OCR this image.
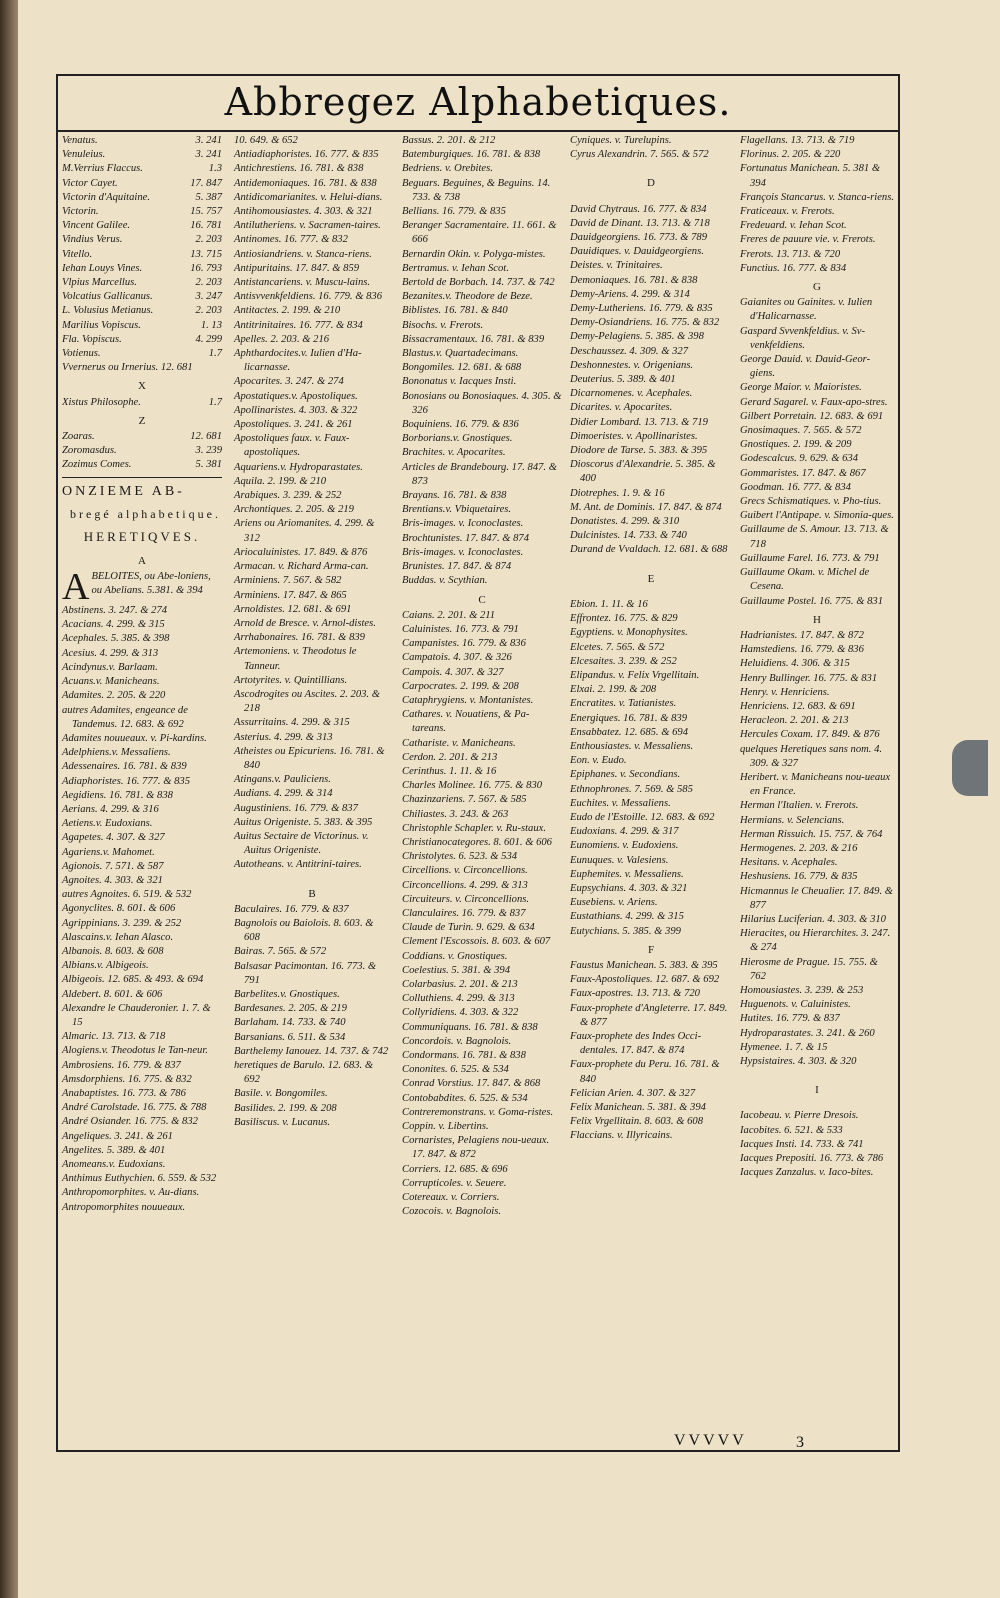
Abbregez Alphabetiques.
Venatus.	3. 241
Venuleius.	3. 241
M.Verrius Flaccus.	1.3
Victor Cayet.	17. 847
Victorin d'Aquitaine.	5. 387
Victorin.	15. 757
Vincent Galilee.	16. 781
Vindius Verus.	2. 203
Vitello.	13. 715
Iehan Louys Vines.	16. 793
Vlpius Marcellus.	2. 203
Volcatius Gallicanus.	3. 247
L. Volusius Metianus.	2. 203
Marilius Vopiscus.	1. 13
Fla. Vopiscus.	4. 299
Votienus.	1.7
Vvernerus ou Irnerius. 12. 681
X
Xistus Philosophe.	1.7
Z
Zoaras.	12. 681
Zoromasdus.	3. 239
Zozimus Comes.	5. 381
ONZIEME AB-
bregé alphabetique.
HERETIQVES.
A
ABELOITES, ou Abe-loniens, ou Abelians. 5.381. & 394
Abstinens. 3. 247. & 274
Acacians. 4. 299. & 315
Acephales. 5. 385. & 398
Acesius. 4. 299. & 313
Acindynus.v. Barlaam.
Acuans.v. Manicheans.
Adamites. 2. 205. & 220
autres Adamites, engeance de Tandemus. 12. 683. & 692
Adamites nouueaux. v. Pi-kardins.
Adelphiens.v. Messaliens.
Adessenaires. 16. 781. & 839
Adiaphoristes. 16. 777. & 835
Aegidiens. 16. 781. & 838
Aerians. 4. 299. & 316
Aetiens.v. Eudoxians.
Agapetes. 4. 307. & 327
Agariens.v. Mahomet.
Agionois. 7. 571. & 587
Agnoites. 4. 303. & 321
autres Agnoites. 6. 519. & 532
Agonyclites. 8. 601. & 606
Agrippinians. 3. 239. & 252
Alascains.v. Iehan Alasco.
Albanois. 8. 603. & 608
Albians.v. Albigeois.
Albigeois. 12. 685. & 493. & 694
Aldebert. 8. 601. & 606
Alexandre le Chauderonier. 1. 7. & 15
Almaric. 13. 713. & 718
Alogiens.v. Theodotus le Tan-neur.
Ambrosiens. 16. 779. & 837
Amsdorphiens. 16. 775. & 832
Anabaptistes. 16. 773. & 786
André Carolstade. 16. 775. & 788
André Osiander. 16. 775. & 832
Angeliques. 3. 241. & 261
Angelites. 5. 389. & 401
Anomeans.v. Eudoxians.
Anthimus Euthychien. 6. 559. & 532
Anthropomorphites. v. Au-dians.
Antropomorphites nouueaux.
10. 649. & 652
Antiadiaphoristes. 16. 777. & 835
Antichrestiens. 16. 781. & 838
Antidemoniaques. 16. 781. & 838
Antidicomarianites. v. Helui-dians.
Antihomousiastes. 4. 303. & 321
Antilutheriens. v. Sacramen-taires.
Antinomes. 16. 777. & 832
Antiosiandriens. v. Stanca-riens.
Antipuritains. 17. 847. & 859
Antistancariens. v. Muscu-lains.
Antisvvenkfeldiens. 16. 779. & 836
Antitactes. 2. 199. & 210
Antitrinitaires. 16. 777. & 834
Apelles. 2. 203. & 216
Aphthardocites.v. Iulien d'Ha-licarnasse.
Apocarites. 3. 247. & 274
Apostatiques.v. Apostoliques.
Apollinaristes. 4. 303. & 322
Apostoliques. 3. 241. & 261
Apostoliques faux. v. Faux-apostoliques.
Aquariens.v. Hydroparastates.
Aquila. 2. 199. & 210
Arabiques. 3. 239. & 252
Archontiques. 2. 205. & 219
Ariens ou Ariomanites. 4. 299. & 312
Ariocaluinistes. 17. 849. & 876
Armacan. v. Richard Arma-can.
Arminiens. 7. 567. & 582
Arminiens. 17. 847. & 865
Arnoldistes. 12. 681. & 691
Arnold de Bresce. v. Arnol-distes.
Arrhabonaires. 16. 781. & 839
Artemoniens. v. Theodotus le Tanneur.
Artotyrites. v. Quintillians.
Ascodrogites ou Ascites. 2. 203. & 218
Assurritains. 4. 299. & 315
Asterius. 4. 299. & 313
Atheistes ou Epicuriens. 16. 781. & 840
Atingans.v. Pauliciens.
Audians. 4. 299. & 314
Augustiniens. 16. 779. & 837
Auitus Origeniste. 5. 383. & 395
Auitus Sectaire de Victorinus. v. Auitus Origeniste.
Autotheans. v. Antitrini-taires.
B
Baculaires. 16. 779. & 837
Bagnolois ou Baiolois. 8. 603. & 608
Bairas. 7. 565. & 572
Balsasar Pacimontan. 16. 773. & 791
Barbelites.v. Gnostiques.
Bardesanes. 2. 205. & 219
Barlaham. 14. 733. & 740
Barsanians. 6. 511. & 534
Barthelemy Ianouez. 14. 737. & 742
heretiques de Barulo. 12. 683. & 692
Basile. v. Bongomiles.
Basilides. 2. 199. & 208
Basiliscus. v. Lucanus.
Bassus. 2. 201. & 212
Batemburgiques. 16. 781. & 838
Bedriens. v. Orebites.
Beguars. Beguines, & Beguins. 14. 733. & 738
Bellians. 16. 779. & 835
Beranger Sacramentaire. 11. 661. & 666
Bernardin Okin. v. Polyga-mistes.
Bertramus. v. Iehan Scot.
Bertold de Borbach. 14. 737. & 742
Bezanites.v. Theodore de Beze.
Biblistes. 16. 781. & 840
Bisochs. v. Frerots.
Bissacramentaux. 16. 781. & 839
Blastus.v. Quartadecimans.
Bongomiles. 12. 681. & 688
Bononatus v. Iacques Insti.
Bonosians ou Bonosiaques. 4. 305. & 326
Boquiniens. 16. 779. & 836
Borborians.v. Gnostiques.
Brachites. v. Apocarites.
Articles de Brandebourg. 17. 847. & 873
Brayans. 16. 781. & 838
Brentians.v. Vbiquetaires.
Bris-images. v. Iconoclastes.
Brochtunistes. 17. 847. & 874
Bris-images. v. Iconoclastes.
Brunistes. 17. 847. & 874
Buddas. v. Scythian.
C
Caians. 2. 201. & 211
Caluinistes. 16. 773. & 791
Campanistes. 16. 779. & 836
Campatois. 4. 307. & 326
Campois. 4. 307. & 327
Carpocrates. 2. 199. & 208
Cataphrygiens. v. Montanistes.
Cathares. v. Nouatiens, & Pa-tareans.
Cathariste. v. Manicheans.
Cerdon. 2. 201. & 213
Cerinthus. 1. 11. & 16
Charles Molinee. 16. 775. & 830
Chazinzariens. 7. 567. & 585
Chiliastes. 3. 243. & 263
Christophle Schapler. v. Ru-staux.
Christianocategores. 8. 601. & 606
Christolytes. 6. 523. & 534
Circellions. v. Circoncellions.
Circoncellions. 4. 299. & 313
Circuiteurs. v. Circoncellions.
Clanculaires. 16. 779. & 837
Claude de Turin. 9. 629. & 634
Clement l'Escossois. 8. 603. & 607
Coddians. v. Gnostiques.
Coelestius. 5. 381. & 394
Colarbasius. 2. 201. & 213
Colluthiens. 4. 299. & 313
Collyridiens. 4. 303. & 322
Communiquans. 16. 781. & 838
Concordois. v. Bagnolois.
Condormans. 16. 781. & 838
Cononites. 6. 525. & 534
Conrad Vorstius. 17. 847. & 868
Contobabdites. 6. 525. & 534
Contreremonstrans. v. Goma-ristes.
Coppin. v. Libertins.
Cornaristes, Pelagiens nou-ueaux. 17. 847. & 872
Corriers. 12. 685. & 696
Corrupticoles. v. Seuere.
Cotereaux. v. Corriers.
Cozocois. v. Bagnolois.
Cyniques. v. Turelupins.
Cyrus Alexandrin. 7. 565. & 572
D
David Chytraus. 16. 777. & 834
David de Dinant. 13. 713. & 718
Dauidgeorgiens. 16. 773. & 789
Dauidiques. v. Dauidgeorgiens.
Deistes. v. Trinitaires.
Demoniaques. 16. 781. & 838
Demy-Ariens. 4. 299. & 314
Demy-Lutheriens. 16. 779. & 835
Demy-Osiandriens. 16. 775. & 832
Demy-Pelagiens. 5. 385. & 398
Deschaussez. 4. 309. & 327
Deshonnestes. v. Origenians.
Deuterius. 5. 389. & 401
Dicarnomenes. v. Acephales.
Dicarites. v. Apocarites.
Didier Lombard. 13. 713. & 719
Dimoeristes. v. Apollinaristes.
Diodore de Tarse. 5. 383. & 395
Dioscorus d'Alexandrie. 5. 385. & 400
Diotrephes. 1. 9. & 16
M. Ant. de Dominis. 17. 847. & 874
Donatistes. 4. 299. & 310
Dulcinistes. 14. 733. & 740
Durand de Vvaldach. 12. 681. & 688
E
Ebion. 1. 11. & 16
Effrontez. 16. 775. & 829
Egyptiens. v. Monophysites.
Elcetes. 7. 565. & 572
Elcesaites. 3. 239. & 252
Elipandus. v. Felix Vrgellitain.
Elxai. 2. 199. & 208
Encratites. v. Tatianistes.
Energiques. 16. 781. & 839
Ensabbatez. 12. 685. & 694
Enthousiastes. v. Messaliens.
Eon. v. Eudo.
Epiphanes. v. Secondians.
Ethnophrones. 7. 569. & 585
Euchites. v. Messaliens.
Eudo de l'Estoille. 12. 683. & 692
Eudoxians. 4. 299. & 317
Eunomiens. v. Eudoxiens.
Eunuques. v. Valesiens.
Euphemites. v. Messaliens.
Eupsychians. 4. 303. & 321
Eusebiens. v. Ariens.
Eustathians. 4. 299. & 315
Eutychians. 5. 385. & 399
F
Faustus Manichean. 5. 383. & 395
Faux-Apostoliques. 12. 687. & 692
Faux-apostres. 13. 713. & 720
Faux-prophete d'Angleterre. 17. 849. & 877
Faux-prophete des Indes Occi-dentales. 17. 847. & 874
Faux-prophete du Peru. 16. 781. & 840
Felician Arien. 4. 307. & 327
Felix Manichean. 5. 381. & 394
Felix Vrgellitain. 8. 603. & 608
Flaccians. v. Illyricains.
Flagellans. 13. 713. & 719
Florinus. 2. 205. & 220
Fortunatus Manichean. 5. 381 & 394
François Stancarus. v. Stanca-riens.
Fraticeaux. v. Frerots.
Fredeuard. v. Iehan Scot.
Freres de pauure vie. v. Frerots.
Frerots. 13. 713. & 720
Functius. 16. 777. & 834
G
Gaianites ou Gainites. v. Iulien d'Halicarnasse.
Gaspard Svvenkfeldius. v. Sv-venkfeldiens.
George Dauid. v. Dauid-Geor-giens.
George Maior. v. Maioristes.
Gerard Sagarel. v. Faux-apo-stres.
Gilbert Porretain. 12. 683. & 691
Gnosimaques. 7. 565. & 572
Gnostiques. 2. 199. & 209
Godescalcus. 9. 629. & 634
Gommaristes. 17. 847. & 867
Goodman. 16. 777. & 834
Grecs Schismatiques. v. Pho-tius.
Guibert l'Antipape. v. Simonia-ques.
Guillaume de S. Amour. 13. 713. & 718
Guillaume Farel. 16. 773. & 791
Guillaume Okam. v. Michel de Cesena.
Guillaume Postel. 16. 775. & 831
H
Hadrianistes. 17. 847. & 872
Hamstediens. 16. 779. & 836
Heluidiens. 4. 306. & 315
Henry Bullinger. 16. 775. & 831
Henry. v. Henriciens.
Henriciens. 12. 683. & 691
Heracleon. 2. 201. & 213
Hercules Coxam. 17. 849. & 876
quelques Heretiques sans nom. 4. 309. & 327
Heribert. v. Manicheans nou-ueaux en France.
Herman l'Italien. v. Frerots.
Hermians. v. Selencians.
Herman Rissuich. 15. 757. & 764
Hermogenes. 2. 203. & 216
Hesitans. v. Acephales.
Heshusiens. 16. 779. & 835
Hicmannus le Cheualier. 17. 849. & 877
Hilarius Luciferian. 4. 303. & 310
Hieracites, ou Hierarchites. 3. 247. & 274
Hierosme de Prague. 15. 755. & 762
Homousiastes. 3. 239. & 253
Huguenots. v. Caluinistes.
Hutites. 16. 779. & 837
Hydroparastates. 3. 241. & 260
Hymenee. 1. 7. & 15
Hypsistaires. 4. 303. & 320
I
Iacobeau. v. Pierre Dresois.
Iacobites. 6. 521. & 533
Iacques Insti. 14. 733. & 741
Iacques Prepositi. 16. 773. & 786
Iacques Zanzalus. v. Iaco-bites.
VVVVV	3
